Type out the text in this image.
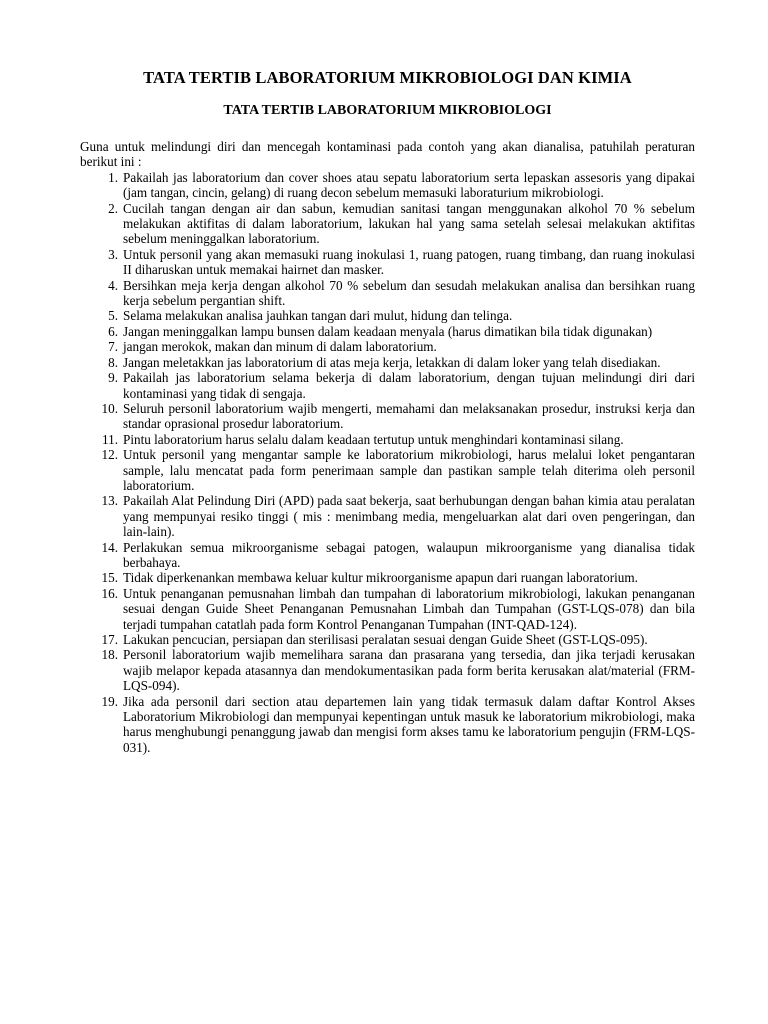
TATA TERTIB LABORATORIUM MIKROBIOLOGI DAN KIMIA
TATA TERTIB LABORATORIUM MIKROBIOLOGI

Guna untuk melindungi diri dan mencegah kontaminasi pada contoh yang akan dianalisa, patuhilah peraturan berikut ini :

1. Pakailah jas laboratorium dan cover shoes atau sepatu laboratorium serta lepaskan assesoris yang dipakai (jam tangan, cincin, gelang) di ruang decon sebelum memasuki laboraturium mikrobiologi.
2. Cucilah tangan dengan air dan sabun, kemudian sanitasi tangan menggunakan alkohol 70 % sebelum melakukan aktifitas di dalam laboratorium, lakukan hal yang sama setelah selesai melakukan aktifitas sebelum meninggalkan laboratorium.
3. Untuk personil yang akan memasuki ruang inokulasi 1, ruang patogen, ruang timbang, dan ruang inokulasi II diharuskan untuk memakai hairnet dan masker.
4. Bersihkan meja kerja dengan alkohol 70 % sebelum dan sesudah melakukan analisa dan bersihkan ruang kerja sebelum pergantian shift.
5. Selama melakukan analisa jauhkan tangan dari mulut, hidung dan telinga.
6. Jangan meninggalkan lampu bunsen dalam keadaan menyala (harus dimatikan bila tidak digunakan)
7. jangan merokok, makan dan minum di dalam laboratorium.
8. Jangan meletakkan jas laboratorium di atas meja kerja, letakkan di dalam loker yang telah disediakan.
9. Pakailah jas laboratorium selama bekerja di dalam laboratorium, dengan tujuan melindungi diri dari kontaminasi yang tidak di sengaja.
10. Seluruh personil laboratorium wajib mengerti, memahami dan melaksanakan prosedur, instruksi kerja dan standar oprasional prosedur laboratorium.
11. Pintu laboratorium harus selalu dalam keadaan tertutup untuk menghindari kontaminasi silang.
12. Untuk personil yang mengantar sample ke laboratorium mikrobiologi, harus melalui loket pengantaran sample, lalu mencatat pada form penerimaan sample dan pastikan sample telah diterima oleh personil laboratorium.
13. Pakailah Alat Pelindung Diri (APD) pada saat bekerja, saat berhubungan dengan bahan kimia atau peralatan yang mempunyai resiko tinggi ( mis : menimbang media, mengeluarkan alat dari oven pengeringan, dan lain-lain).
14. Perlakukan semua mikroorganisme sebagai patogen, walaupun mikroorganisme yang dianalisa tidak berbahaya.
15. Tidak diperkenankan membawa keluar kultur mikroorganisme apapun dari ruangan laboratorium.
16. Untuk penanganan pemusnahan limbah dan tumpahan di laboratorium mikrobiologi, lakukan penanganan sesuai dengan Guide Sheet Penanganan Pemusnahan Limbah dan Tumpahan (GST-LQS-078) dan bila terjadi tumpahan catatlah pada form Kontrol Penanganan Tumpahan (INT-QAD-124).
17. Lakukan pencucian, persiapan dan sterilisasi peralatan sesuai dengan Guide Sheet (GST-LQS-095).
18. Personil laboratorium wajib memelihara sarana dan prasarana yang tersedia, dan jika terjadi kerusakan wajib melapor kepada atasannya dan mendokumentasikan pada form berita kerusakan alat/material (FRM-LQS-094).
19. Jika ada personil dari section atau departemen lain yang tidak termasuk dalam daftar Kontrol Akses Laboratorium Mikrobiologi dan mempunyai kepentingan untuk masuk ke laboratorium mikrobiologi, maka harus menghubungi penanggung jawab dan mengisi form akses tamu ke laboratorium pengujin (FRM-LQS-031).
